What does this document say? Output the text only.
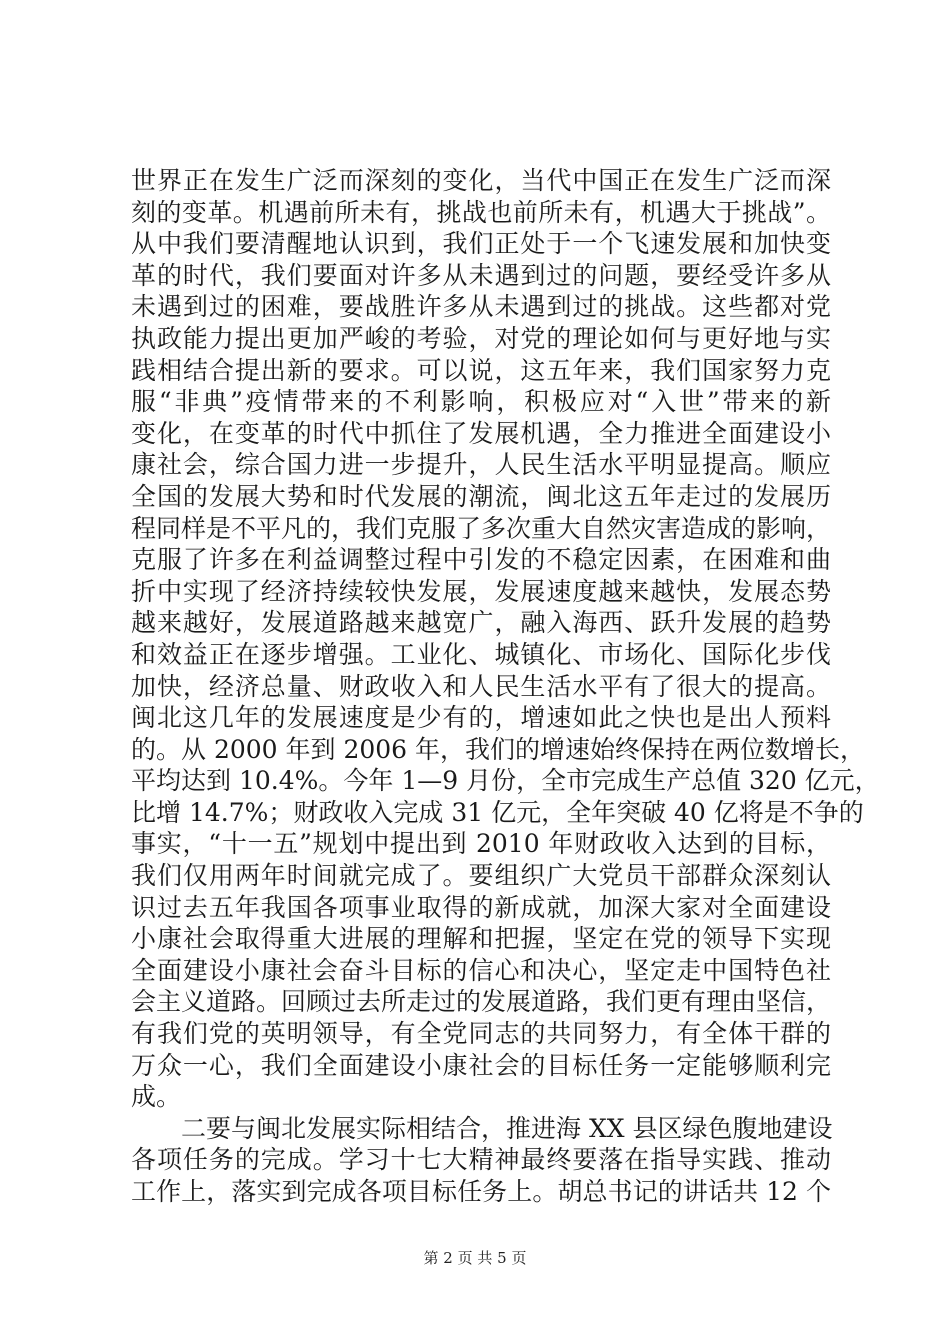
世界正在发生广泛而深刻的变化，当代中国正在发生广泛而深
刻的变革。机遇前所未有，挑战也前所未有，机遇大于挑战”。
从中我们要清醒地认识到，我们正处于一个飞速发展和加快变
革的时代，我们要面对许多从未遇到过的问题，要经受许多从
未遇到过的困难，要战胜许多从未遇到过的挑战。这些都对党
执政能力提出更加严峻的考验，对党的理论如何与更好地与实
践相结合提出新的要求。可以说，这五年来，我们国家努力克
服“非典”疫情带来的不利影响，积极应对“入世”带来的新
变化，在变革的时代中抓住了发展机遇，全力推进全面建设小
康社会，综合国力进一步提升，人民生活水平明显提高。顺应
全国的发展大势和时代发展的潮流，闽北这五年走过的发展历
程同样是不平凡的，我们克服了多次重大自然灾害造成的影响，
克服了许多在利益调整过程中引发的不稳定因素，在困难和曲
折中实现了经济持续较快发展，发展速度越来越快，发展态势
越来越好，发展道路越来越宽广，融入海西、跃升发展的趋势
和效益正在逐步增强。工业化、城镇化、市场化、国际化步伐
加快，经济总量、财政收入和人民生活水平有了很大的提高。
闽北这几年的发展速度是少有的，增速如此之快也是出人预料
的。从 2000 年到 2006 年，我们的增速始终保持在两位数增长，
平均达到 10.4%。今年 1—9 月份，全市完成生产总值 320 亿元，
比增 14.7%；财政收入完成 31 亿元，全年突破 40 亿将是不争的
事实，“十一五”规划中提出到 2010 年财政收入达到的目标，
我们仅用两年时间就完成了。要组织广大党员干部群众深刻认
识过去五年我国各项事业取得的新成就，加深大家对全面建设
小康社会取得重大进展的理解和把握，坚定在党的领导下实现
全面建设小康社会奋斗目标的信心和决心，坚定走中国特色社
会主义道路。回顾过去所走过的发展道路，我们更有理由坚信，
有我们党的英明领导，有全党同志的共同努力，有全体干群的
万众一心，我们全面建设小康社会的目标任务一定能够顺利完
成。
　　二要与闽北发展实际相结合，推进海 XX 县区绿色腹地建设
各项任务的完成。学习十七大精神最终要落在指导实践、推动
工作上，落实到完成各项目标任务上。胡总书记的讲话共 12 个
第 2 页 共 5 页
